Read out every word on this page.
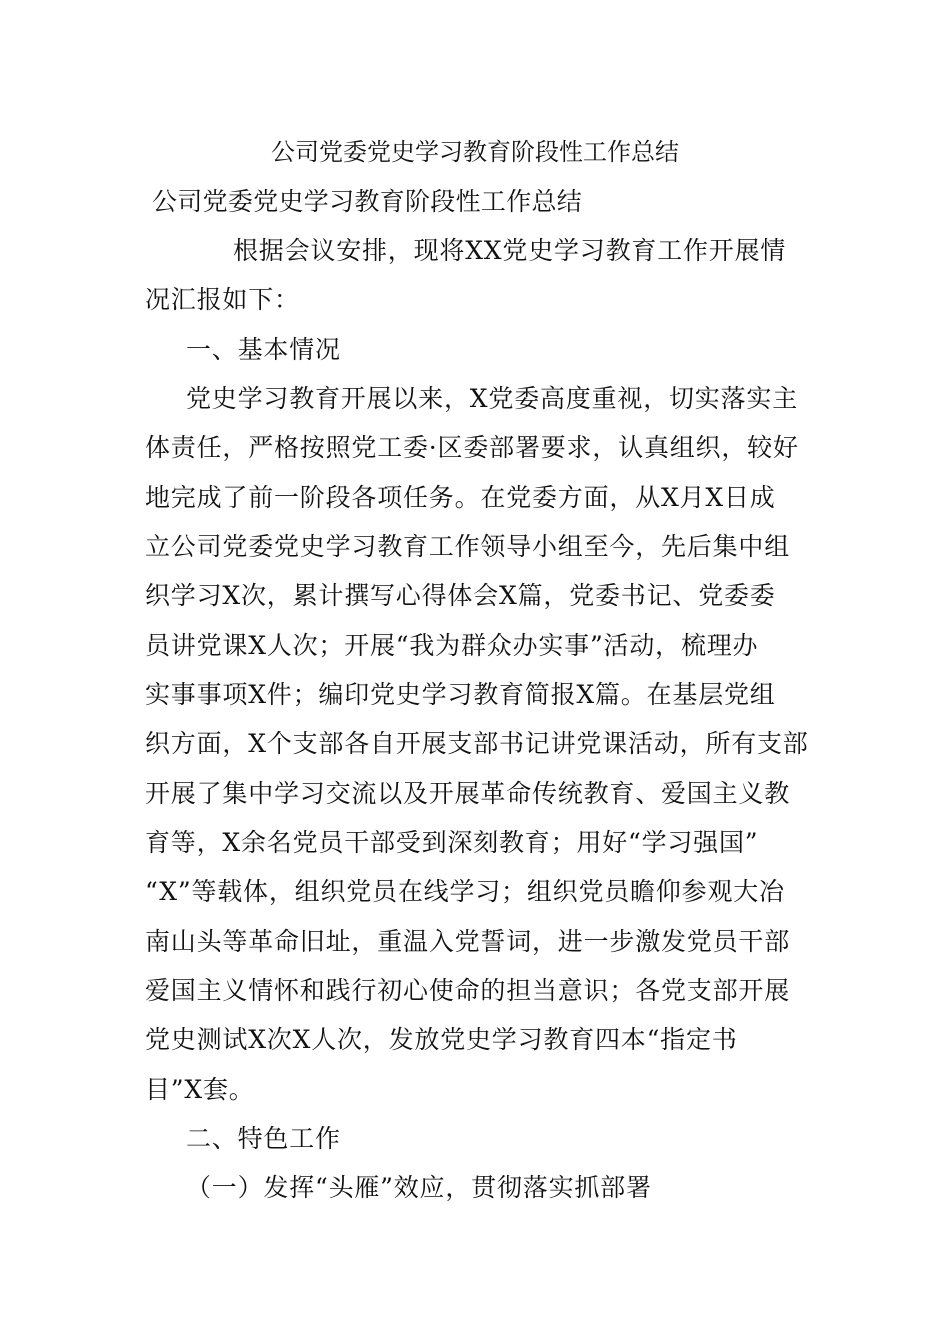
公司党委党史学习教育阶段性工作总结
公司党委党史学习教育阶段性工作总结
根据会议安排，现将XX党史学习教育工作开展情
况汇报如下：
一、基本情况
党史学习教育开展以来，X党委高度重视，切实落实主
体责任，严格按照党工委·区委部署要求，认真组织，较好
地完成了前一阶段各项任务。在党委方面，从X月X日成
立公司党委党史学习教育工作领导小组至今，先后集中组
织学习X次，累计撰写心得体会X篇，党委书记、党委委
员讲党课X人次；开展“我为群众办实事”活动，梳理办
实事事项X件；编印党史学习教育简报X篇。在基层党组
织方面，X个支部各自开展支部书记讲党课活动，所有支部
开展了集中学习交流以及开展革命传统教育、爱国主义教
育等，X余名党员干部受到深刻教育；用好“学习强国”
“X”等载体，组织党员在线学习；组织党员瞻仰参观大冶
南山头等革命旧址，重温入党誓词，进一步激发党员干部
爱国主义情怀和践行初心使命的担当意识；各党支部开展
党史测试X次X人次，发放党史学习教育四本“指定书
目”X套。
二、特色工作
（一）发挥“头雁”效应，贯彻落实抓部署
